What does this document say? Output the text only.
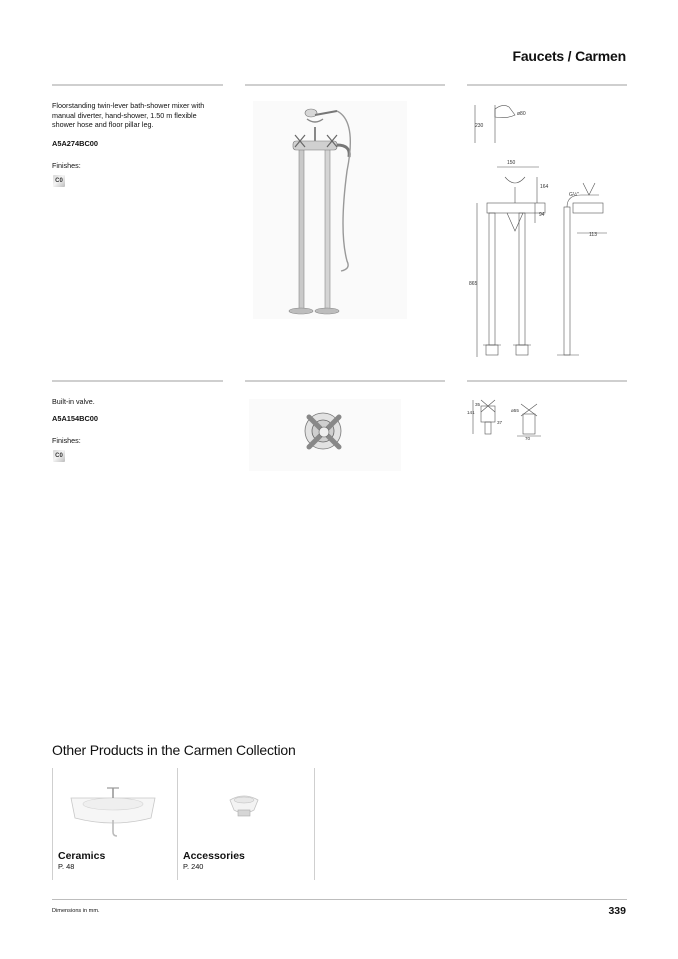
Faucets / Carmen
Floorstanding twin-lever bath-shower mixer with manual diverter, hand-shower, 1.50 m flexible shower hose and floor pillar leg.
A5A274BC00
Finishes:
C0
ø80
230
150
164
94
865
113
G½"
Built-in valve.
A5A154BC00
Finishes:
C0
35
141	ø55
37
70
Other Products in the Carmen Collection
Ceramics
P. 48
Accessories
P. 240
Dimensions in mm.	339
